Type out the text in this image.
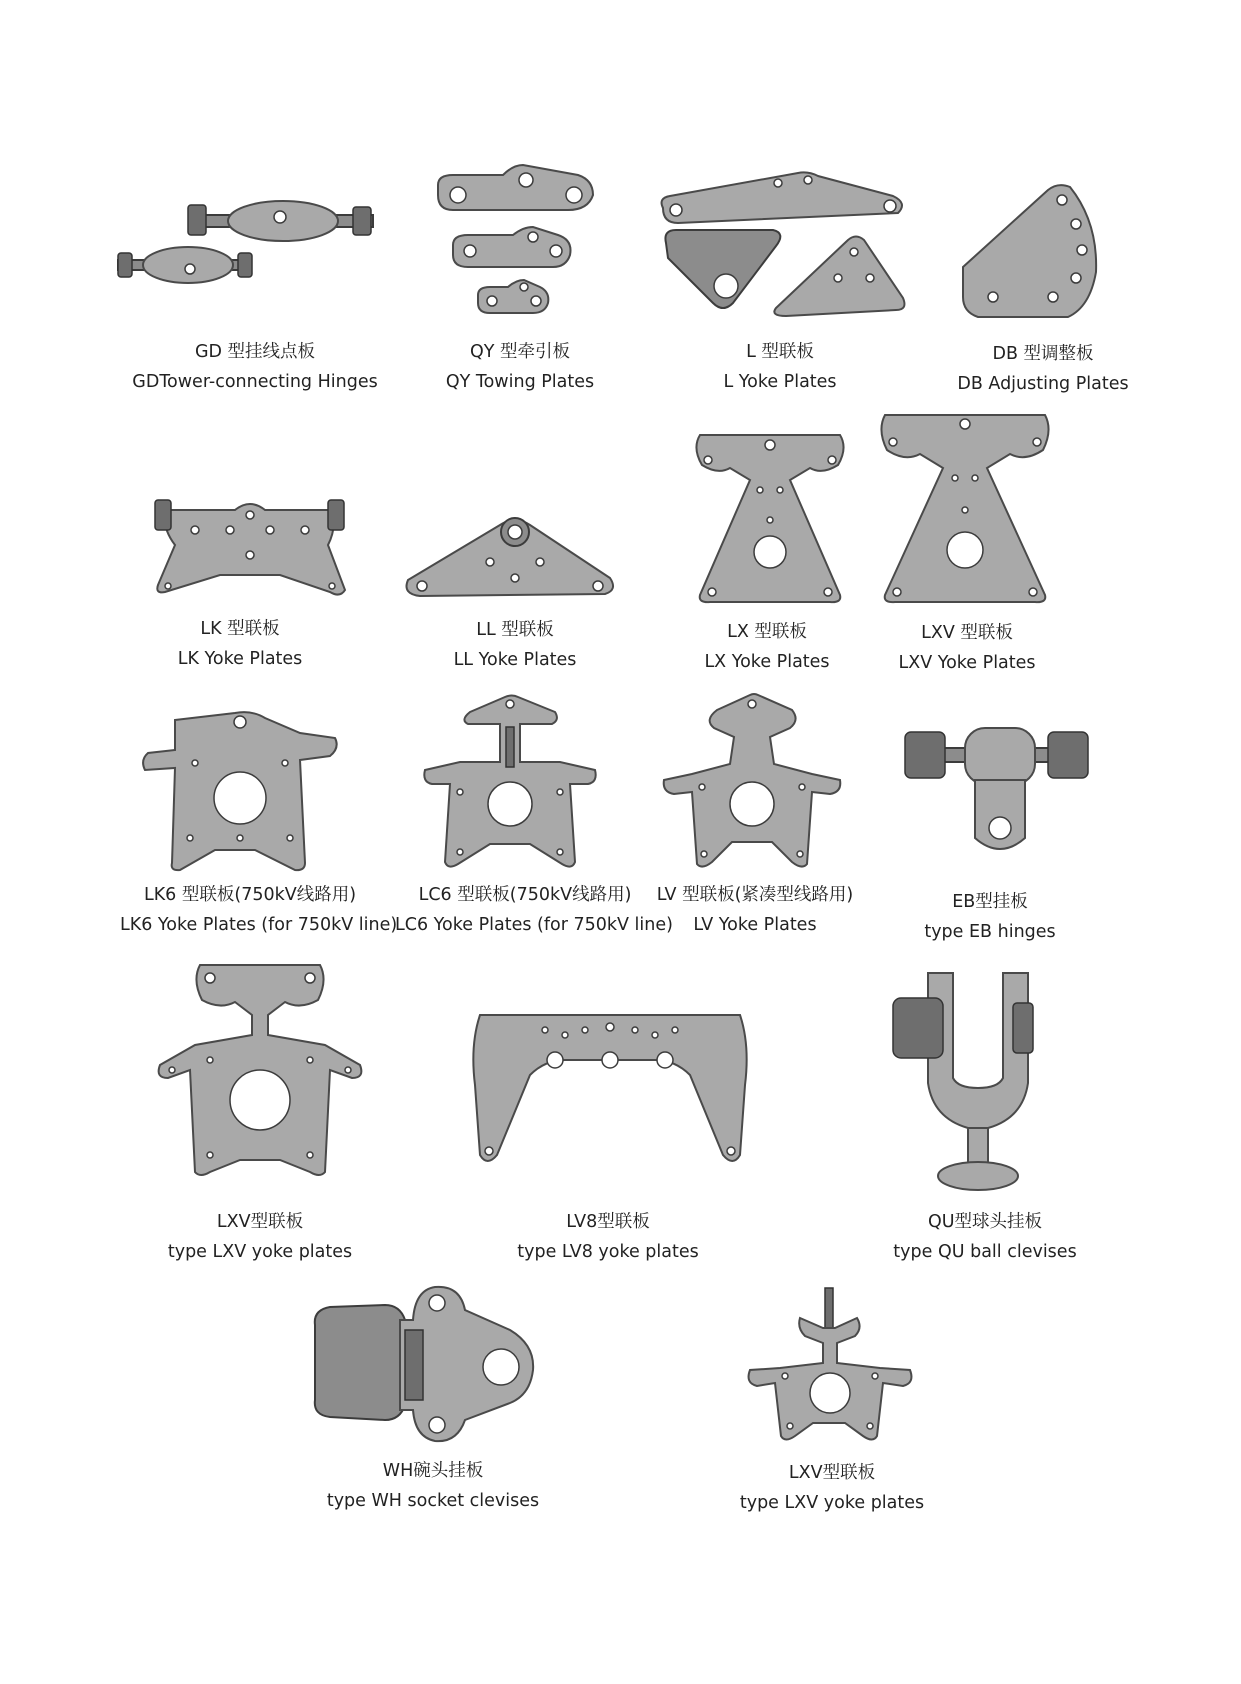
GD 型挂线点板
GDTower-connecting Hinges
QY 型牵引板
QY Towing Plates
L 型联板
L Yoke Plates
DB 型调整板
DB Adjusting Plates
LK 型联板
LK Yoke Plates
LL 型联板
LL Yoke Plates
LX 型联板
LX Yoke Plates
LXV 型联板
LXV Yoke Plates
LK6 型联板(750kV线路用)
LK6 Yoke Plates (for 750kV line)
LC6 型联板(750kV线路用)
LC6 Yoke Plates (for 750kV line)
LV 型联板(紧凑型线路用)
LV Yoke Plates
EB型挂板
type EB hinges
LXV型联板
type LXV yoke plates
LV8型联板
type LV8 yoke plates
QU型球头挂板
type QU ball clevises
WH碗头挂板
type WH socket clevises
LXV型联板
type LXV yoke plates
